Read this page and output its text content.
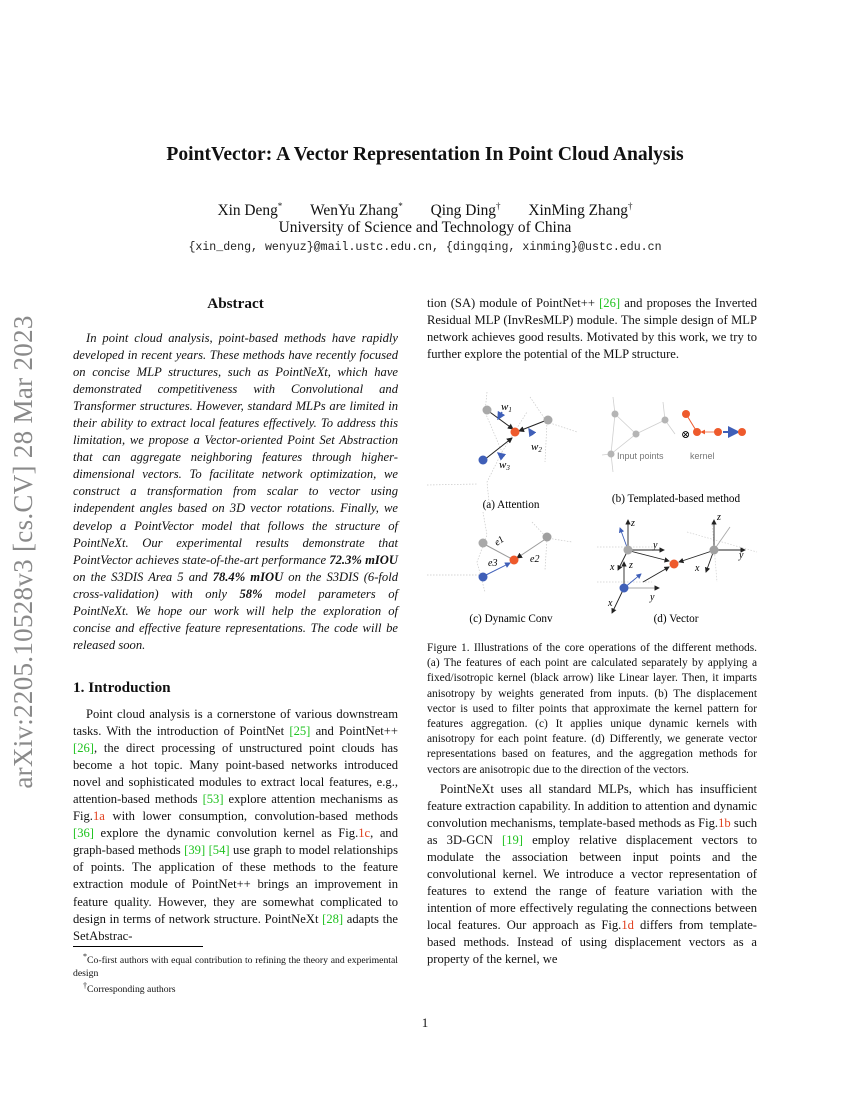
arXiv:2205.10528v3 [cs.CV] 28 Mar 2023
PointVector: A Vector Representation In Point Cloud Analysis
Xin Deng* WenYu Zhang* Qing Ding† XinMing Zhang†
University of Science and Technology of China
{xin_deng, wenyuz}@mail.ustc.edu.cn, {dingqing, xinming}@ustc.edu.cn
Abstract
In point cloud analysis, point-based methods have rapidly developed in recent years. These methods have recently focused on concise MLP structures, such as PointNeXt, which have demonstrated competitiveness with Convolutional and Transformer structures. However, standard MLPs are limited in their ability to extract local features effectively. To address this limitation, we propose a Vector-oriented Point Set Abstraction that can aggregate neighboring features through higher-dimensional vectors. To facilitate network optimization, we construct a transformation from scalar to vector using independent angles based on 3D vector rotations. Finally, we develop a PointVector model that follows the structure of PointNeXt. Our experimental results demonstrate that PointVector achieves state-of-the-art performance 72.3% mIOU on the S3DIS Area 5 and 78.4% mIOU on the S3DIS (6-fold cross-validation) with only 58% model parameters of PointNeXt. We hope our work will help the exploration of concise and effective feature representations. The code will be released soon.
1. Introduction
Point cloud analysis is a cornerstone of various downstream tasks. With the introduction of PointNet [25] and PointNet++ [26], the direct processing of unstructured point clouds has become a hot topic. Many point-based networks introduced novel and sophisticated modules to extract local features, e.g., attention-based methods [53] explore attention mechanisms as Fig.1a with lower consumption, convolution-based methods [36] explore the dynamic convolution kernel as Fig.1c, and graph-based methods [39] [54] use graph to model relationships of points. The application of these methods to the feature extraction module of PointNet++ brings an improvement in feature quality. However, they are somewhat complicated to design in terms of network structure. PointNeXt [28] adapts the SetAbstrac-

*Co-first authors with equal contribution to refining the theory and experimental design

†Corresponding authors

tion (SA) module of PointNet++ [26] and proposes the Inverted Residual MLP (InvResMLP) module. The simple design of MLP network achieves good results. Motivated by this work, we try to further explore the potential of the MLP structure.
w1
w2
w3
(a) Attention
⊗
Input points	kernel
(b) Templated-based method
e1
e2
e3
(c) Dynamic Conv
z
y
x
z
y
x
z
y
x
(d) Vector
Figure 1. Illustrations of the core operations of the different methods. (a) The features of each point are calculated separately by applying a fixed/isotropic kernel (black arrow) like Linear layer. Then, it imparts anisotropy by weights generated from inputs. (b) The displacement vector is used to filter points that approximate the kernel pattern for features aggregation. (c) It applies unique dynamic kernels with anisotropy for each point feature. (d) Differently, we generate vector representations based on features, and the aggregation methods for vectors are anisotropic due to the direction of the vectors.
PointNeXt uses all standard MLPs, which has insufficient feature extraction capability. In addition to attention and dynamic convolution mechanisms, template-based methods as Fig.1b such as 3D-GCN [19] employ relative displacement vectors to modulate the association between input points and the convolutional kernel. We introduce a vector representation of features to extend the range of feature variation with the intention of more effectively regulating the connections between local features. Our approach as Fig.1d differs from template-based methods. Instead of using displacement vectors as a property of the kernel, we
1
